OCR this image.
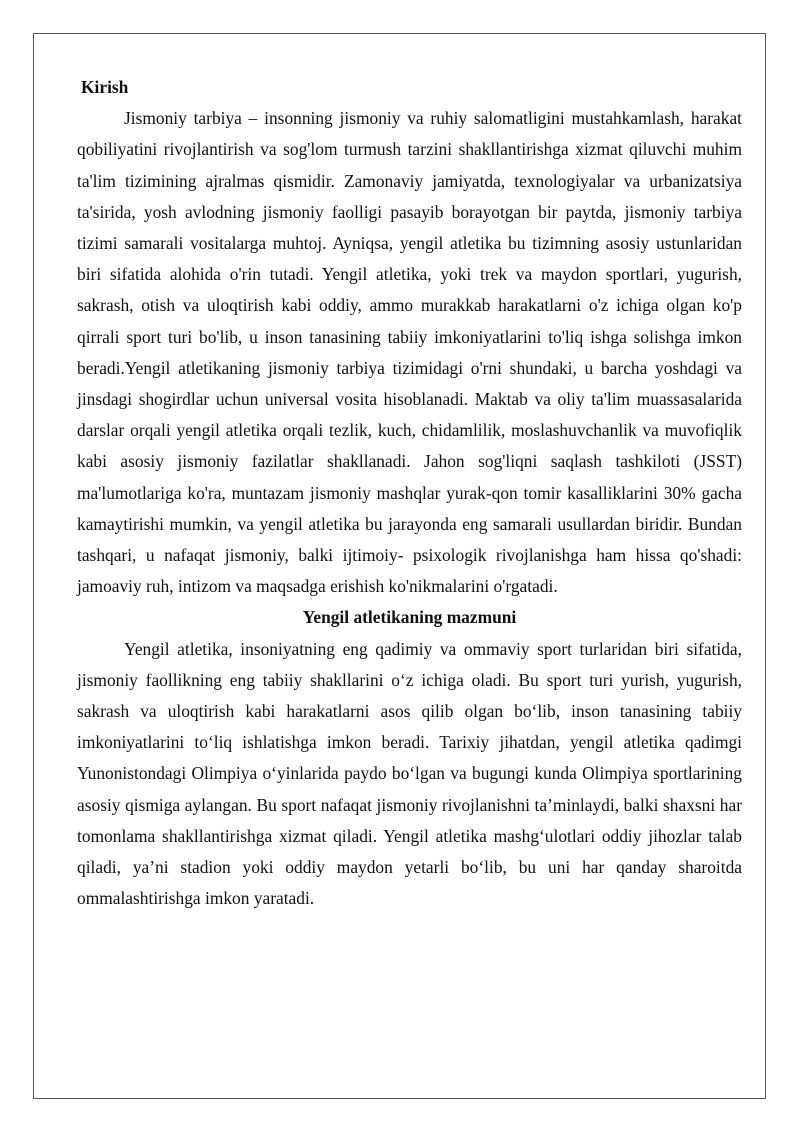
Kirish

Jismoniy tarbiya – insonning jismoniy va ruhiy salomatligini mustahkamlash, harakat qobiliyatini rivojlantirish va sog'lom turmush tarzini shakllantirishga xizmat qiluvchi muhim ta'lim tizimining ajralmas qismidir. Zamonaviy jamiyatda, texnologiyalar va urbanizatsiya ta'sirida, yosh avlodning jismoniy faolligi pasayib borayotgan bir paytda, jismoniy tarbiya tizimi samarali vositalarga muhtoj. Ayniqsa, yengil atletika bu tizimning asosiy ustunlaridan biri sifatida alohida o'rin tutadi. Yengil atletika, yoki trek va maydon sportlari, yugurish, sakrash, otish va uloqtirish kabi oddiy, ammo murakkab harakatlarni o'z ichiga olgan ko'p qirrali sport turi bo'lib, u inson tanasining tabiiy imkoniyatlarini to'liq ishga solishga imkon beradi.Yengil atletikaning jismoniy tarbiya tizimidagi o'rni shundaki, u barcha yoshdagi va jinsdagi shogirdlar uchun universal vosita hisoblanadi. Maktab va oliy ta'lim muassasalarida darslar orqali yengil atletika orqali tezlik, kuch, chidamlilik, moslashuvchanlik va muvofiqlik kabi asosiy jismoniy fazilatlar shakllanadi. Jahon sog'liqni saqlash tashkiloti (JSST) ma'lumotlariga ko'ra, muntazam jismoniy mashqlar yurak-qon tomir kasalliklarini 30% gacha kamaytirishi mumkin, va yengil atletika bu jarayonda eng samarali usullardan biridir. Bundan tashqari, u nafaqat jismoniy, balki ijtimoiy- psixologik rivojlanishga ham hissa qo'shadi: jamoaviy ruh, intizom va maqsadga erishish ko'nikmalarini o'rgatadi.

Yengil atletikaning mazmuni

Yengil atletika, insoniyatning eng qadimiy va ommaviy sport turlaridan biri sifatida, jismoniy faollikning eng tabiiy shakllarini o‘z ichiga oladi. Bu sport turi yurish, yugurish, sakrash va uloqtirish kabi harakatlarni asos qilib olgan bo‘lib, inson tanasining tabiiy imkoniyatlarini to‘liq ishlatishga imkon beradi. Tarixiy jihatdan, yengil atletika qadimgi Yunonistondagi Olimpiya o‘yinlarida paydo bo‘lgan va bugungi kunda Olimpiya sportlarining asosiy qismiga aylangan. Bu sport nafaqat jismoniy rivojlanishni ta’minlaydi, balki shaxsni har tomonlama shakllantirishga xizmat qiladi. Yengil atletika mashg‘ulotlari oddiy jihozlar talab qiladi, ya’ni stadion yoki oddiy maydon yetarli bo‘lib, bu uni har qanday sharoitda ommalashtirishga imkon yaratadi.
